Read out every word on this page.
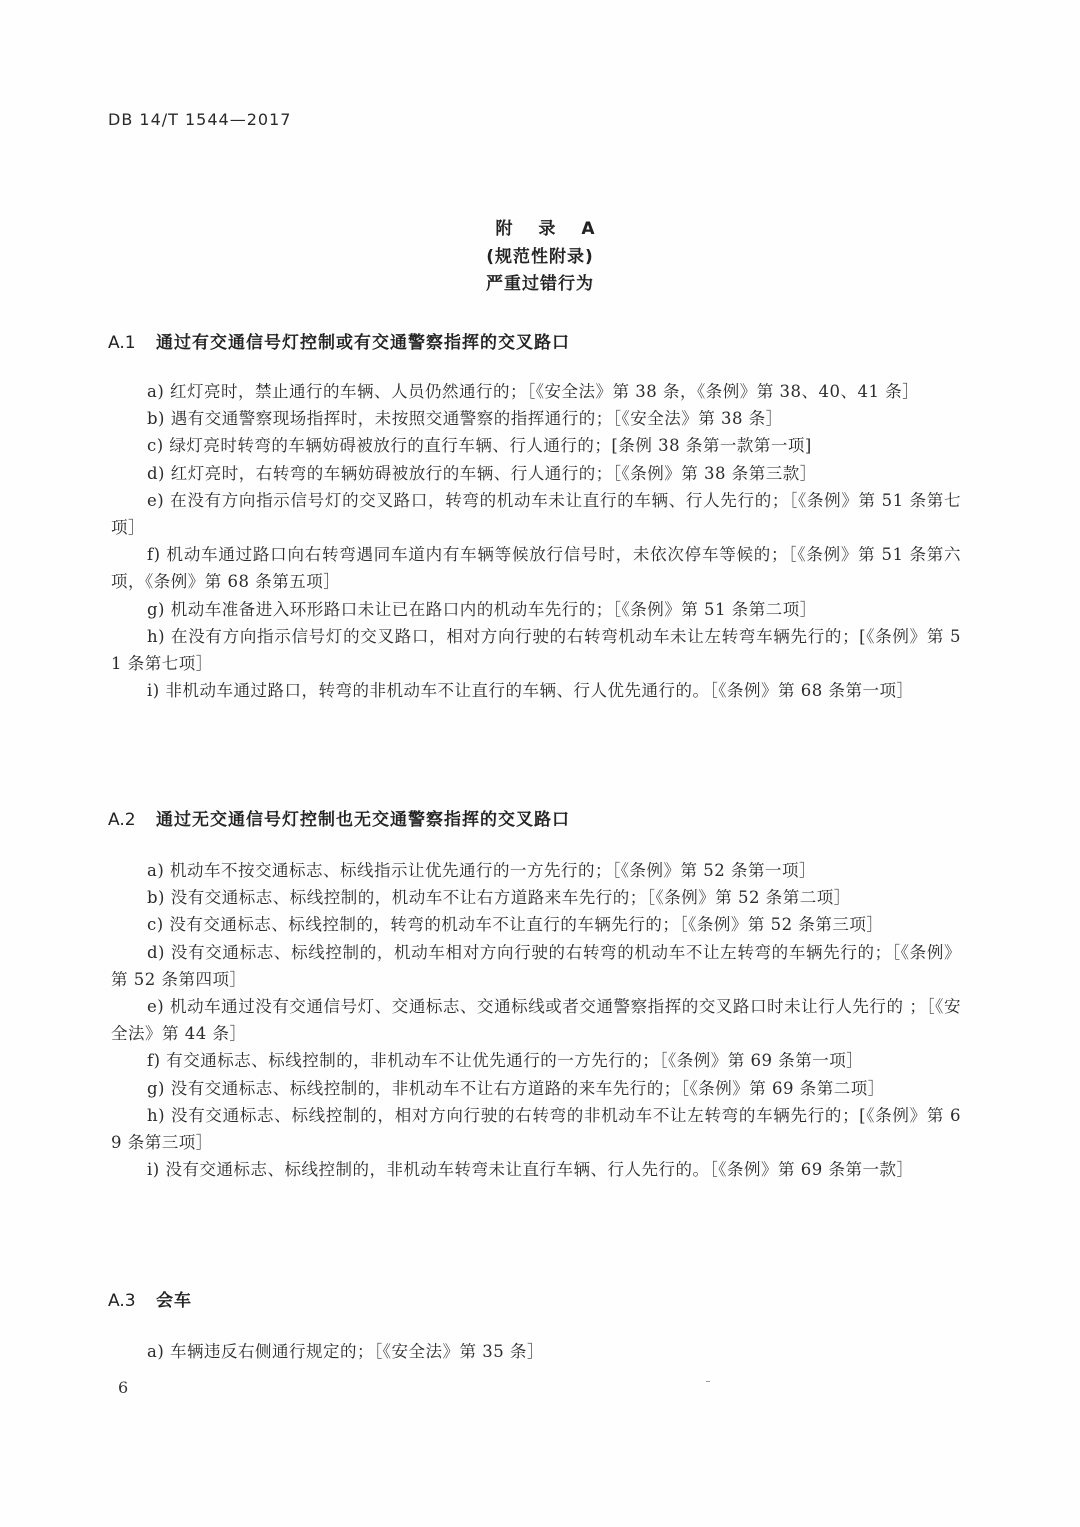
DB 14/T 1544—2017
附 录 A
(规范性附录)
严重过错行为
A.1 通过有交通信号灯控制或有交通警察指挥的交叉路口

a) 红灯亮时，禁止通行的车辆、人员仍然通行的；［《安全法》第 38 条，《条例》第 38、40、41 条］

b) 遇有交通警察现场指挥时，未按照交通警察的指挥通行的；［《安全法》第 38 条］

c) 绿灯亮时转弯的车辆妨碍被放行的直行车辆、行人通行的；[条例 38 条第一款第一项]

d) 红灯亮时，右转弯的车辆妨碍被放行的车辆、行人通行的；［《条例》第 38 条第三款］

e) 在没有方向指示信号灯的交叉路口，转弯的机动车未让直行的车辆、行人先行的；［《条例》第 51 条第七项］

f) 机动车通过路口向右转弯遇同车道内有车辆等候放行信号时，未依次停车等候的；［《条例》第 51 条第六项，《条例》第 68 条第五项］

g) 机动车准备进入环形路口未让已在路口内的机动车先行的；［《条例》第 51 条第二项］

h) 在没有方向指示信号灯的交叉路口，相对方向行驶的右转弯机动车未让左转弯车辆先行的；[《条例》第 51 条第七项］

i) 非机动车通过路口，转弯的非机动车不让直行的车辆、行人优先通行的。［《条例》第 68 条第一项］

A.2 通过无交通信号灯控制也无交通警察指挥的交叉路口

a) 机动车不按交通标志、标线指示让优先通行的一方先行的；［《条例》第 52 条第一项］

b) 没有交通标志、标线控制的，机动车不让右方道路来车先行的；［《条例》第 52 条第二项］

c) 没有交通标志、标线控制的，转弯的机动车不让直行的车辆先行的；［《条例》第 52 条第三项］

d) 没有交通标志、标线控制的，机动车相对方向行驶的右转弯的机动车不让左转弯的车辆先行的；［《条例》第 52 条第四项］

e) 机动车通过没有交通信号灯、交通标志、交通标线或者交通警察指挥的交叉路口时未让行人先行的 ；［《安全法》第 44 条］

f) 有交通标志、标线控制的，非机动车不让优先通行的一方先行的；［《条例》第 69 条第一项］

g) 没有交通标志、标线控制的，非机动车不让右方道路的来车先行的；［《条例》第 69 条第二项］

h) 没有交通标志、标线控制的，相对方向行驶的右转弯的非机动车不让左转弯的车辆先行的；[《条例》第 69 条第三项］

i) 没有交通标志、标线控制的，非机动车转弯未让直行车辆、行人先行的。［《条例》第 69 条第一款］

A.3 会车

a) 车辆违反右侧通行规定的；［《安全法》第 35 条］

6
